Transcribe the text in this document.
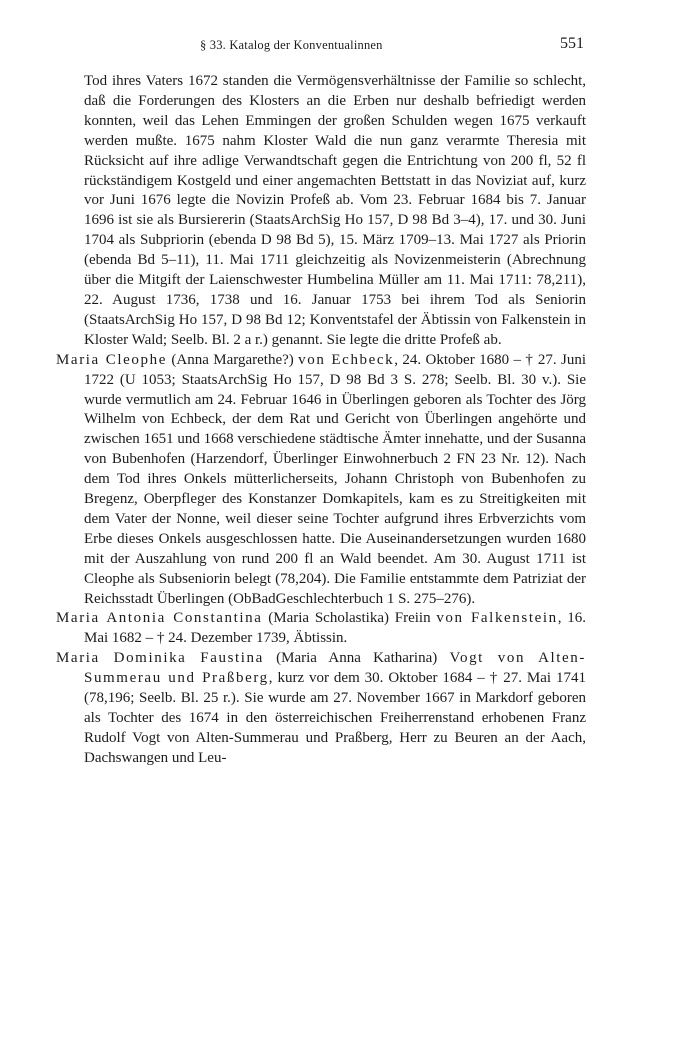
§ 33. Katalog der Konventualinnen	551

Tod ihres Vaters 1672 standen die Vermögensverhältnisse der Familie so schlecht, daß die Forderungen des Klosters an die Erben nur deshalb befriedigt werden konnten, weil das Lehen Emmingen der großen Schulden wegen 1675 verkauft werden mußte. 1675 nahm Kloster Wald die nun ganz verarmte Theresia mit Rücksicht auf ihre adlige Verwandtschaft gegen die Entrichtung von 200 fl, 52 fl rückständigem Kostgeld und einer angemachten Bettstatt in das Noviziat auf, kurz vor Juni 1676 legte die Novizin Profeß ab. Vom 23. Februar 1684 bis 7. Januar 1696 ist sie als Bursiererin (StaatsArchSig Ho 157, D 98 Bd 3–4), 17. und 30. Juni 1704 als Subpriorin (ebenda D 98 Bd 5), 15. März 1709–13. Mai 1727 als Priorin (ebenda Bd 5–11), 11. Mai 1711 gleichzeitig als Novizenmeisterin (Abrechnung über die Mitgift der Laienschwester Humbelina Müller am 11. Mai 1711: 78,211), 22. August 1736, 1738 und 16. Januar 1753 bei ihrem Tod als Seniorin (StaatsArchSig Ho 157, D 98 Bd 12; Konventstafel der Äbtissin von Falkenstein in Kloster Wald; Seelb. Bl. 2 a r.) genannt. Sie legte die dritte Profeß ab.

Maria Cleophe (Anna Margarethe?) von Echbeck, 24. Oktober 1680 – † 27. Juni 1722 (U 1053; StaatsArchSig Ho 157, D 98 Bd 3 S. 278; Seelb. Bl. 30 v.). Sie wurde vermutlich am 24. Februar 1646 in Überlingen geboren als Tochter des Jörg Wilhelm von Echbeck, der dem Rat und Gericht von Überlingen angehörte und zwischen 1651 und 1668 verschiedene städtische Ämter innehatte, und der Susanna von Bubenhofen (Harzendorf, Überlinger Einwohnerbuch 2 FN 23 Nr. 12). Nach dem Tod ihres Onkels mütterlicherseits, Johann Christoph von Bubenhofen zu Bregenz, Oberpfleger des Konstanzer Domkapitels, kam es zu Streitigkeiten mit dem Vater der Nonne, weil dieser seine Tochter aufgrund ihres Erbverzichts vom Erbe dieses Onkels ausgeschlossen hatte. Die Auseinandersetzungen wurden 1680 mit der Auszahlung von rund 200 fl an Wald beendet. Am 30. August 1711 ist Cleophe als Subseniorin belegt (78,204). Die Familie entstammte dem Patriziat der Reichsstadt Überlingen (ObBadGeschlechterbuch 1 S. 275–276).

Maria Antonia Constantina (Maria Scholastika) Freiin von Falkenstein, 16. Mai 1682 – † 24. Dezember 1739, Äbtissin.

Maria Dominika Faustina (Maria Anna Katharina) Vogt von Alten-Summerau und Praßberg, kurz vor dem 30. Oktober 1684 – † 27. Mai 1741 (78,196; Seelb. Bl. 25 r.). Sie wurde am 27. November 1667 in Markdorf geboren als Tochter des 1674 in den österreichischen Freiherrenstand erhobenen Franz Rudolf Vogt von Alten-Summerau und Praßberg, Herr zu Beuren an der Aach, Dachswangen und Leu-
